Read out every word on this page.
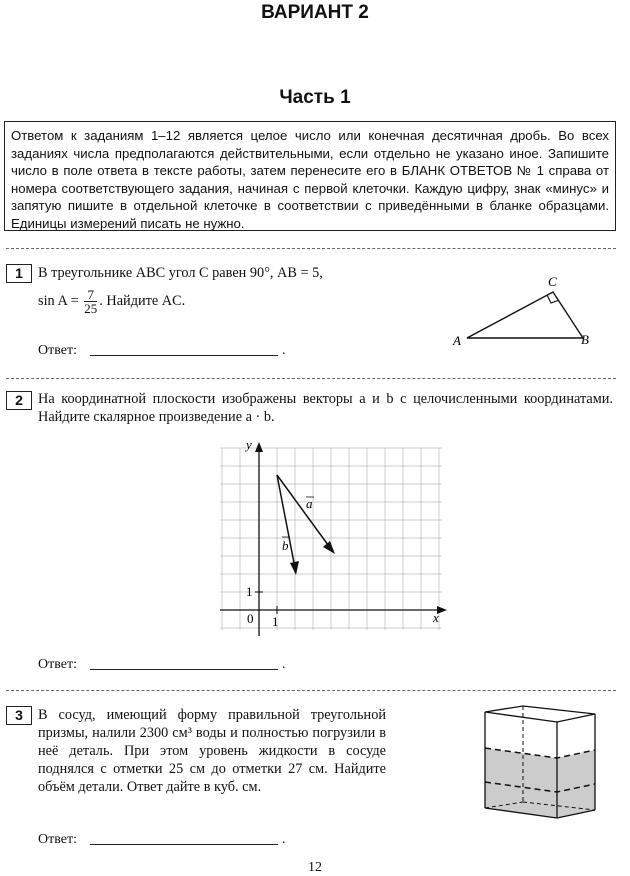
ВАРИАНТ 2
Часть 1
Ответом к заданиям 1–12 является целое число или конечная десятичная дробь. Во всех заданиях числа предполагаются действительными, если отдельно не указано иное. Запишите число в поле ответа в тексте работы, затем перенесите его в БЛАНК ОТВЕТОВ № 1 справа от номера соответствующего задания, начиная с первой клеточки. Каждую цифру, знак «минус» и запятую пишите в отдельной клеточке в соответствии с приведёнными в бланке образцами. Единицы измерений писать не нужно.
1	В треугольнике ABC угол C равен 90°, AB = 5,
$\sin A = \frac{7}{25}$ . Найдите AC.
A	B
C
Ответ:	.
2	На координатной плоскости изображены векторы a и b с целочисленными координатами. Найдите скалярное произведение a · b.
y
x
0 1
1
a
b
Ответ:	.
3	В сосуд, имеющий форму правильной треугольной призмы, налили 2300 см³ воды и полностью погрузили в неё деталь. При этом уровень жидкости в сосуде поднялся с отметки 25 см до отметки 27 см. Найдите объём детали. Ответ дайте в куб. см.
Ответ:	.
12
